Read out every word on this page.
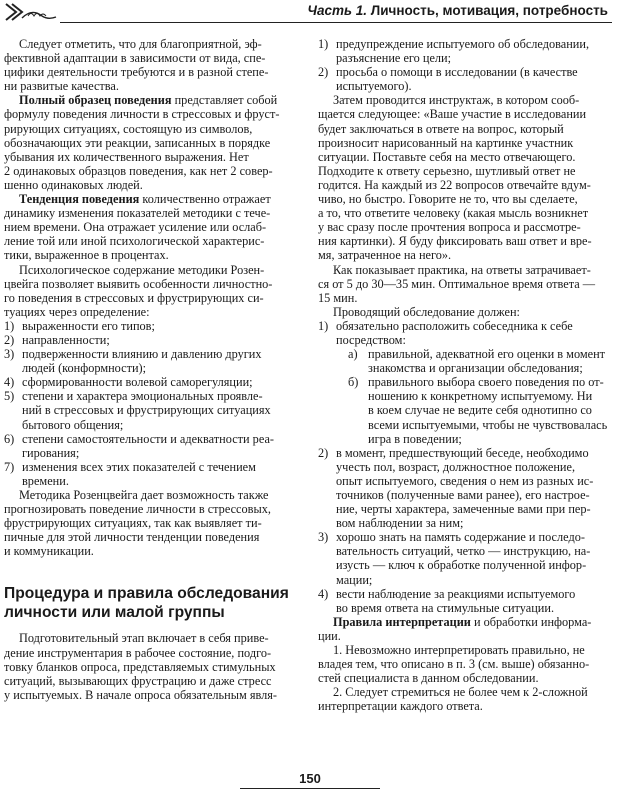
Часть 1. Личность, мотивация, потребность
Следует отметить, что для благоприятной, эф-
фективной адаптации в зависимости от вида, спе-
цифики деятельности требуются и в разной степе-
ни развитые качества.
Полный образец поведения представляет собой
формулу поведения личности в стрессовых и фруст-
рирующих ситуациях, состоящую из символов,
обозначающих эти реакции, записанных в порядке
убывания их количественного выражения. Нет
2 одинаковых образцов поведения, как нет 2 совер-
шенно одинаковых людей.
Тенденция поведения количественно отражает
динамику изменения показателей методики с тече-
нием времени. Она отражает усиление или ослаб-
ление той или иной психологической характерис-
тики, выраженное в процентах.
Психологическое содержание методики Розен-
цвейга позволяет выявить особенности личностно-
го поведения в стрессовых и фрустрирующих си-
туациях через определение:
1) выраженности его типов;
2) направленности;
3) подверженности влиянию и давлению других
людей (конформности);
4) сформированности волевой саморегуляции;
5) степени и характера эмоциональных проявле-
ний в стрессовых и фрустрирующих ситуациях
бытового общения;
6) степени самостоятельности и адекватности реа-
гирования;
7) изменения всех этих показателей с течением
времени.
Методика Розенцвейга дает возможность также
прогнозировать поведение личности в стрессовых,
фрустрирующих ситуациях, так как выявляет ти-
пичные для этой личности тенденции поведения
и коммуникации.
Процедура и правила обследования
личности или малой группы
Подготовительный этап включает в себя приве-
дение инструментария в рабочее состояние, подго-
товку бланков опроса, представляемых стимульных
ситуаций, вызывающих фрустрацию и даже стресс
у испытуемых. В начале опроса обязательным явля-
1) предупреждение испытуемого об обследовании,
разъяснение его цели;
2) просьба о помощи в исследовании (в качестве
испытуемого).
Затем проводится инструктаж, в котором сооб-
щается следующее: «Ваше участие в исследовании
будет заключаться в ответе на вопрос, который
произносит нарисованный на картинке участник
ситуации. Поставьте себя на место отвечающего.
Подходите к ответу серьезно, шутливый ответ не
годится. На каждый из 22 вопросов отвечайте вдум-
чиво, но быстро. Говорите не то, что вы сделаете,
а то, что ответите человеку (какая мысль возникнет
у вас сразу после прочтения вопроса и рассмотре-
ния картинки). Я буду фиксировать ваш ответ и вре-
мя, затраченное на него».
Как показывает практика, на ответы затрачивает-
ся от 5 до 30—35 мин. Оптимальное время ответа —
15 мин.
Проводящий обследование должен:
1) обязательно расположить собеседника к себе
посредством:
а) правильной, адекватной его оценки в момент
знакомства и организации обследования;
б) правильного выбора своего поведения по от-
ношению к конкретному испытуемому. Ни
в коем случае не ведите себя однотипно со
всеми испытуемыми, чтобы не чувствовалась
игра в поведении;
2) в момент, предшествующий беседе, необходимо
учесть пол, возраст, должностное положение,
опыт испытуемого, сведения о нем из разных ис-
точников (полученные вами ранее), его настрое-
ние, черты характера, замеченные вами при пер-
вом наблюдении за ним;
3) хорошо знать на память содержание и последо-
вательность ситуаций, четко — инструкцию, на-
изусть — ключ к обработке полученной инфор-
мации;
4) вести наблюдение за реакциями испытуемого
во время ответа на стимульные ситуации.
Правила интерпретации и обработки информа-
ции.
1. Невозможно интерпретировать правильно, не
владея тем, что описано в п. 3 (см. выше) обязанно-
стей специалиста в данном обследовании.
2. Следует стремиться не более чем к 2-сложной
интерпретации каждого ответа.
150
